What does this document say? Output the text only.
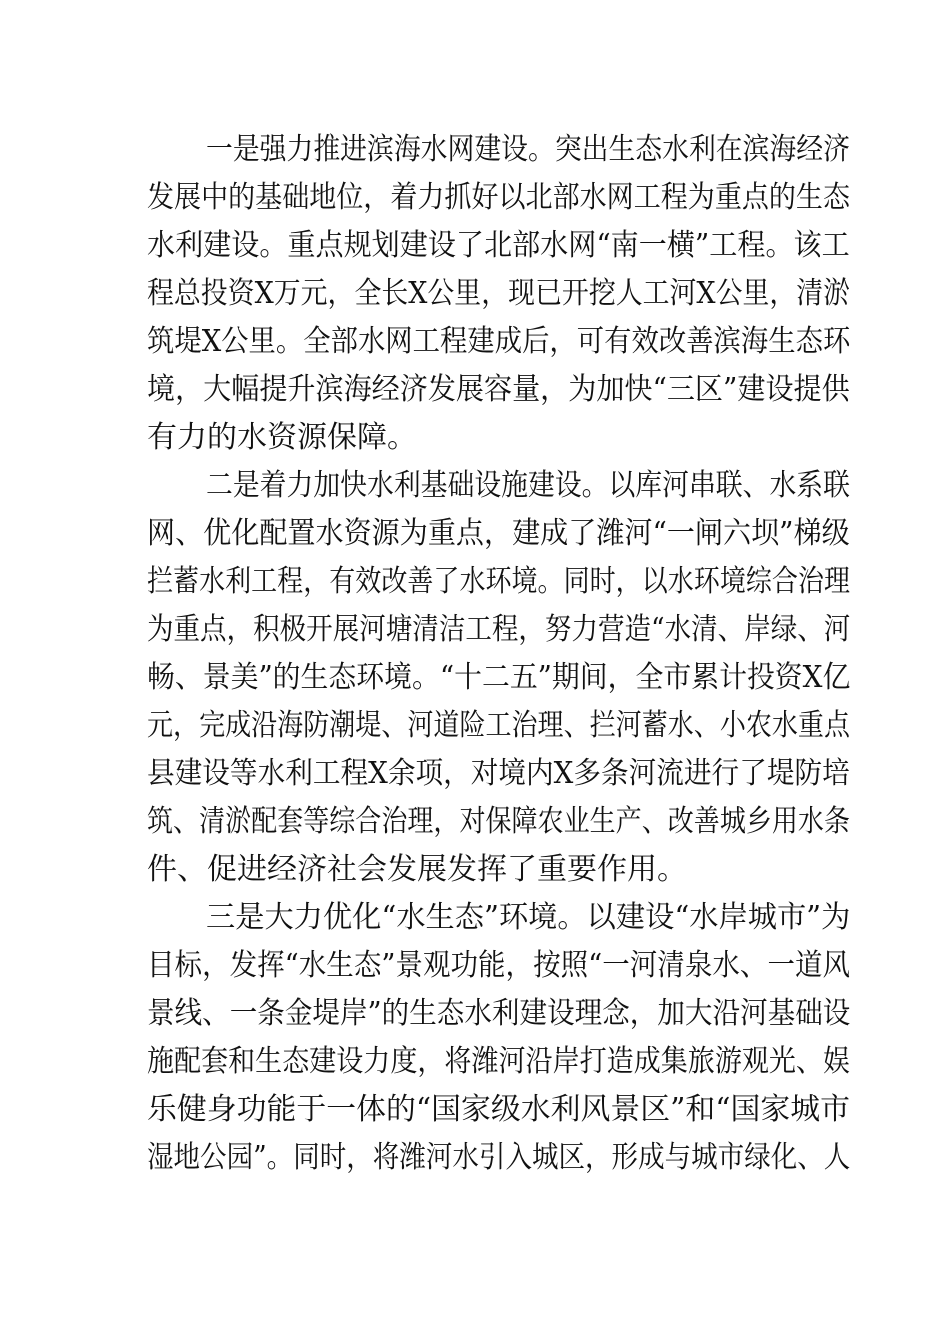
一是强力推进滨海水网建设。突出生态水利在滨海经济
发展中的基础地位，着力抓好以北部水网工程为重点的生态
水利建设。重点规划建设了北部水网“南一横”工程。该工
程总投资X万元，全长X公里，现已开挖人工河X公里，清淤
筑堤X公里。全部水网工程建成后，可有效改善滨海生态环
境，大幅提升滨海经济发展容量，为加快“三区”建设提供
有力的水资源保障。
二是着力加快水利基础设施建设。以库河串联、水系联
网、优化配置水资源为重点，建成了潍河“一闸六坝”梯级
拦蓄水利工程，有效改善了水环境。同时，以水环境综合治理
为重点，积极开展河塘清洁工程，努力营造“水清、岸绿、河
畅、景美”的生态环境。“十二五”期间，全市累计投资X亿
元，完成沿海防潮堤、河道险工治理、拦河蓄水、小农水重点
县建设等水利工程X余项，对境内X多条河流进行了堤防培
筑、清淤配套等综合治理，对保障农业生产、改善城乡用水条
件、促进经济社会发展发挥了重要作用。
三是大力优化“水生态”环境。以建设“水岸城市”为
目标，发挥“水生态”景观功能，按照“一河清泉水、一道风
景线、一条金堤岸”的生态水利建设理念，加大沿河基础设
施配套和生态建设力度，将潍河沿岸打造成集旅游观光、娱
乐健身功能于一体的“国家级水利风景区”和“国家城市
湿地公园”。同时，将潍河水引入城区，形成与城市绿化、人
